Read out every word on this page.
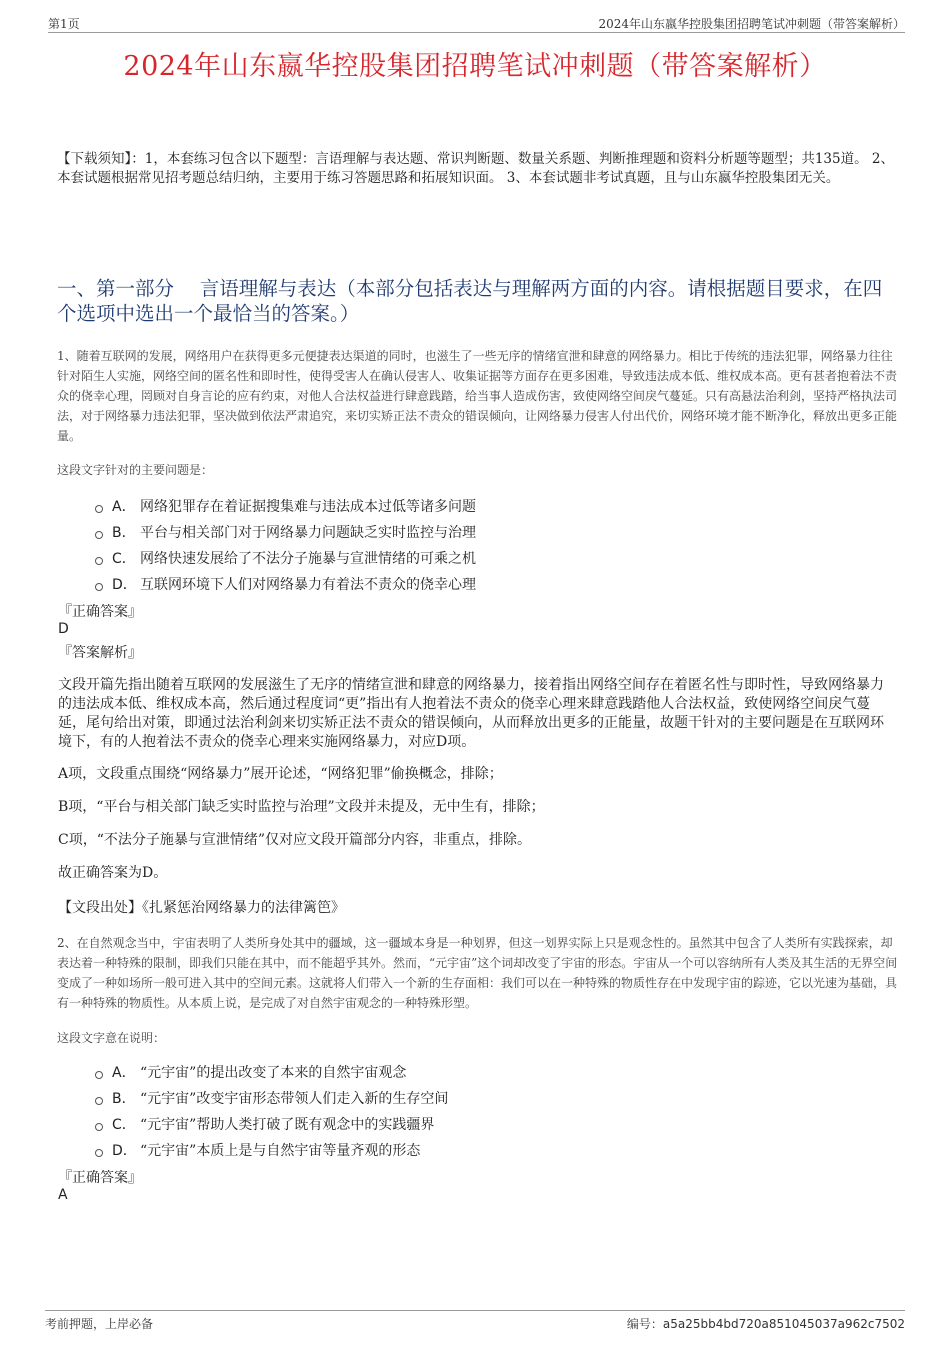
第1页	2024年山东嬴华控股集团招聘笔试冲刺题（带答案解析）
2024年山东嬴华控股集团招聘笔试冲刺题（带答案解析）
【下载须知】：1，本套练习包含以下题型：言语理解与表达题、常识判断题、数量关系题、判断推理题和资料分析题等题型；共135道。 2、本套试题根据常见招考题总结归纳，主要用于练习答题思路和拓展知识面。 3、本套试题非考试真题，且与山东嬴华控股集团无关。
一、第一部分　 言语理解与表达（本部分包括表达与理解两方面的内容。请根据题目要求，在四个选项中选出一个最恰当的答案。）
1、随着互联网的发展，网络用户在获得更多元便捷表达渠道的同时，也滋生了一些无序的情绪宣泄和肆意的网络暴力。相比于传统的违法犯罪，网络暴力往往针对陌生人实施，网络空间的匿名性和即时性，使得受害人在确认侵害人、收集证据等方面存在更多困难，导致违法成本低、维权成本高。更有甚者抱着法不责众的侥幸心理，罔顾对自身言论的应有约束，对他人合法权益进行肆意践踏，给当事人造成伤害，致使网络空间戾气蔓延。只有高悬法治利剑，坚持严格执法司法，对于网络暴力违法犯罪，坚决做到依法严肃追究，来切实矫正法不责众的错误倾向，让网络暴力侵害人付出代价，网络环境才能不断净化，释放出更多正能量。
这段文字针对的主要问题是：
A． 网络犯罪存在着证据搜集难与违法成本过低等诸多问题
B． 平台与相关部门对于网络暴力问题缺乏实时监控与治理
C． 网络快速发展给了不法分子施暴与宣泄情绪的可乘之机
D． 互联网环境下人们对网络暴力有着法不责众的侥幸心理
『正确答案』
D
『答案解析』
文段开篇先指出随着互联网的发展滋生了无序的情绪宣泄和肆意的网络暴力，接着指出网络空间存在着匿名性与即时性，导致网络暴力的违法成本低、维权成本高，然后通过程度词“更”指出有人抱着法不责众的侥幸心理来肆意践踏他人合法权益，致使网络空间戾气蔓延，尾句给出对策，即通过法治利剑来切实矫正法不责众的错误倾向，从而释放出更多的正能量，故题干针对的主要问题是在互联网环境下，有的人抱着法不责众的侥幸心理来实施网络暴力，对应D项。
A项，文段重点围绕“网络暴力”展开论述，“网络犯罪”偷换概念，排除；
B项，“平台与相关部门缺乏实时监控与治理”文段并未提及，无中生有，排除；
C项，“不法分子施暴与宣泄情绪”仅对应文段开篇部分内容，非重点，排除。
故正确答案为D。
【文段出处】《扎紧惩治网络暴力的法律篱笆》
2、在自然观念当中，宇宙表明了人类所身处其中的疆域，这一疆域本身是一种划界，但这一划界实际上只是观念性的。虽然其中包含了人类所有实践探索，却表达着一种特殊的限制，即我们只能在其中，而不能超乎其外。然而，“元宇宙”这个词却改变了宇宙的形态。宇宙从一个可以容纳所有人类及其生活的无界空间变成了一种如场所一般可进入其中的空间元素。这就将人们带入一个新的生存面相：我们可以在一种特殊的物质性存在中发现宇宙的踪迹，它以光速为基础，具有一种特殊的物质性。从本质上说，是完成了对自然宇宙观念的一种特殊形塑。
这段文字意在说明：
A． “元宇宙”的提出改变了本来的自然宇宙观念
B． “元宇宙”改变宇宙形态带领人们走入新的生存空间
C． “元宇宙”帮助人类打破了既有观念中的实践疆界
D． “元宇宙”本质上是与自然宇宙等量齐观的形态
『正确答案』
A
考前押题，上岸必备	编号：a5a25bb4bd720a851045037a962c7502
